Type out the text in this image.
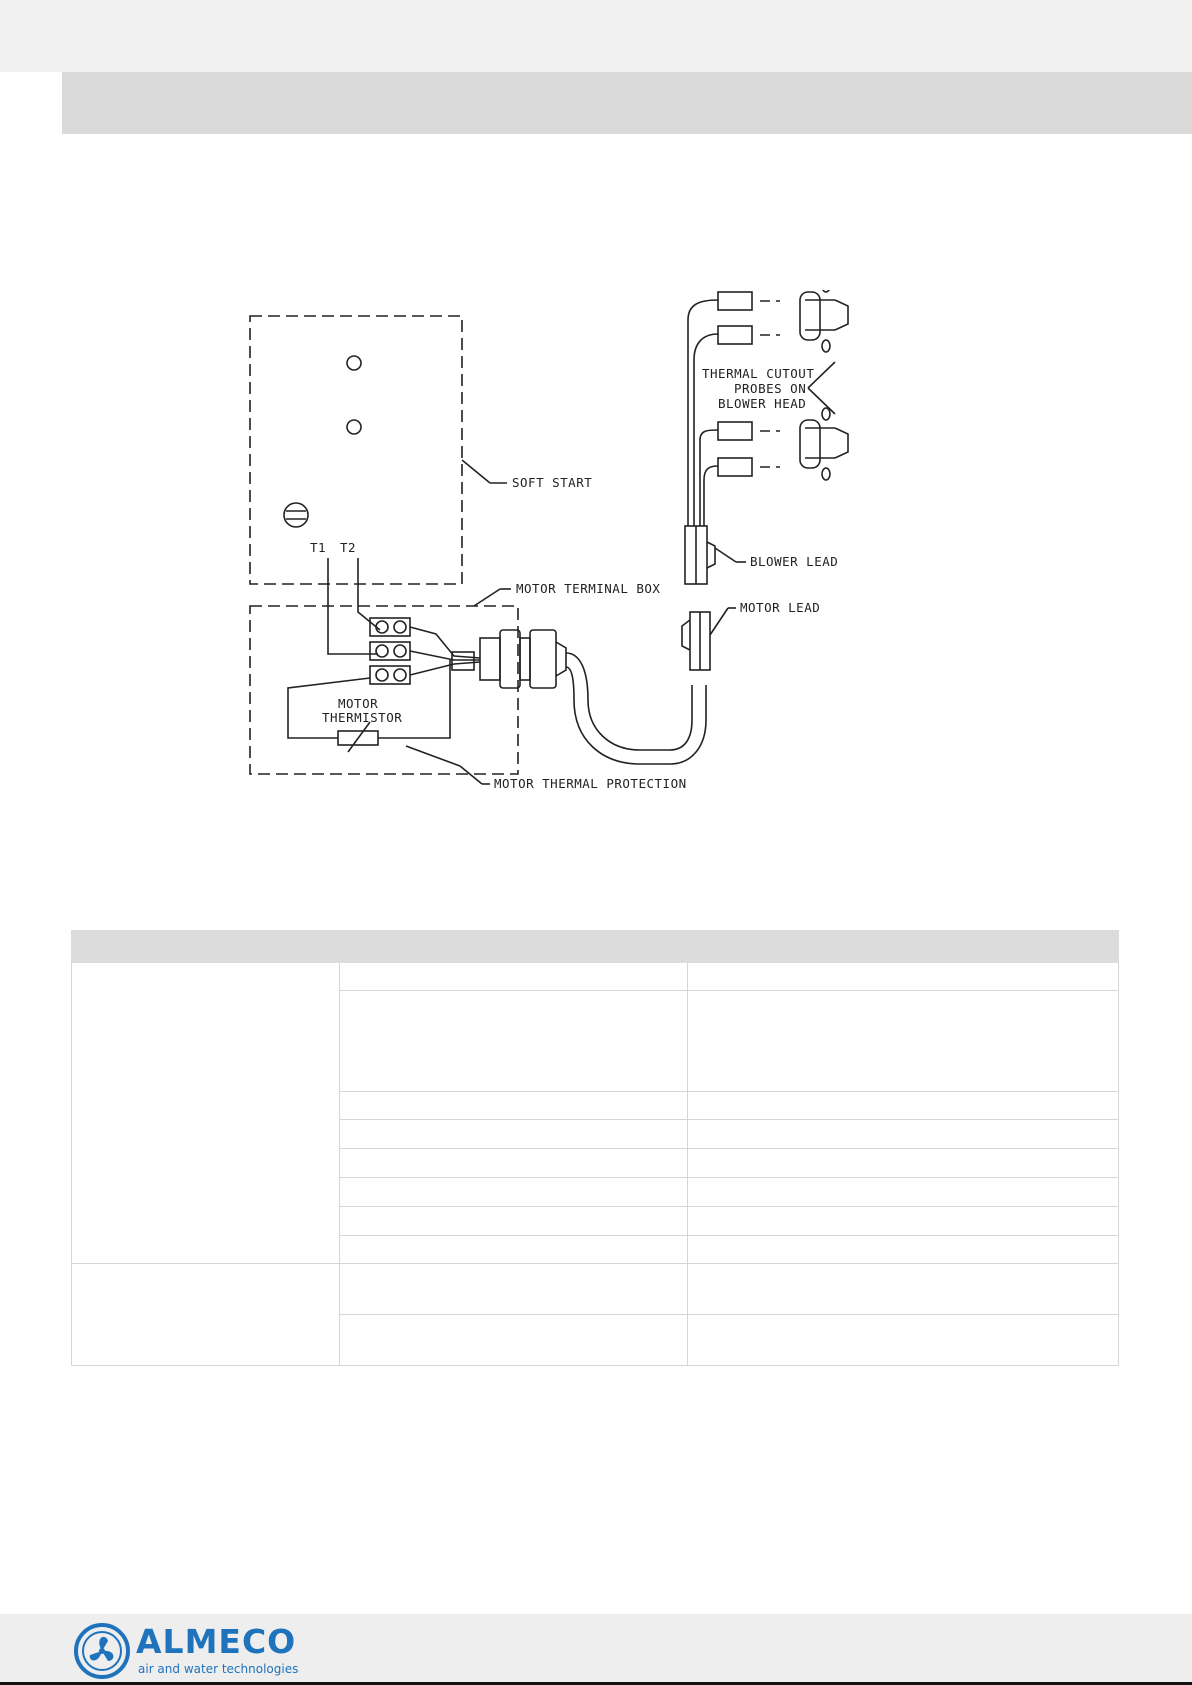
SOFT START
T1 T2
MOTOR TERMINAL BOX
MOTOR
THERMISTOR
MOTOR THERMAL PROTECTION
BLOWER LEAD
MOTOR LEAD
THERMAL CUTOUT
PROBES ON
BLOWER HEAD

ALMECO
air and water technologies
